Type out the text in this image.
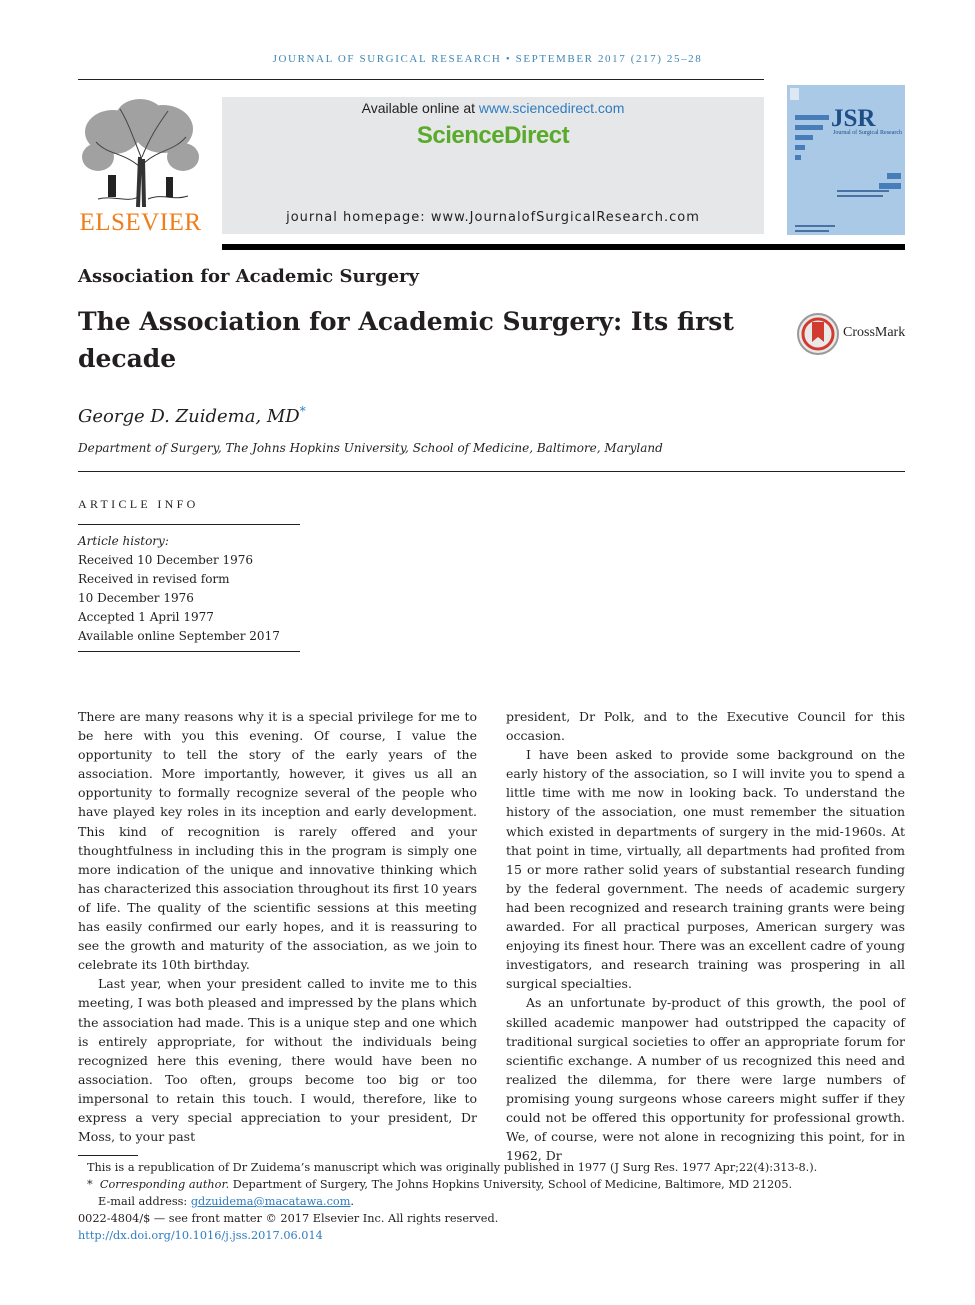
JOURNAL OF SURGICAL RESEARCH • SEPTEMBER 2017 (217) 25–28
ELSEVIER
Available online at www.sciencedirect.com
ScienceDirect
journal homepage: www.JournalofSurgicalResearch.com
JSR
Journal of Surgical Research
Association for Academic Surgery
The Association for Academic Surgery: Its first decade
CrossMark
George D. Zuidema, MD*
Department of Surgery, The Johns Hopkins University, School of Medicine, Baltimore, Maryland
ARTICLE INFO
Article history:
Received 10 December 1976
Received in revised form
10 December 1976
Accepted 1 April 1977
Available online September 2017

There are many reasons why it is a special privilege for me to be here with you this evening. Of course, I value the opportunity to tell the story of the early years of the association. More importantly, however, it gives us all an opportunity to formally recognize several of the people who have played key roles in its inception and early development. This kind of recognition is rarely offered and your thoughtfulness in including this in the program is simply one more indication of the unique and innovative thinking which has characterized this association throughout its first 10 years of life. The quality of the scientific sessions at this meeting has easily confirmed our early hopes, and it is reassuring to see the growth and maturity of the association, as we join to celebrate its 10th birthday.

Last year, when your president called to invite me to this meeting, I was both pleased and impressed by the plans which the association had made. This is a unique step and one which is entirely appropriate, for without the individuals being recognized here this evening, there would have been no association. Too often, groups become too big or too impersonal to retain this touch. I would, therefore, like to express a very special appreciation to your president, Dr Moss, to your past

president, Dr Polk, and to the Executive Council for this occasion.

I have been asked to provide some background on the early history of the association, so I will invite you to spend a little time with me now in looking back. To understand the history of the association, one must remember the situation which existed in departments of surgery in the mid-1960s. At that point in time, virtually, all departments had profited from 15 or more rather solid years of substantial research funding by the federal government. The needs of academic surgery had been recognized and research training grants were being awarded. For all practical purposes, American surgery was enjoying its finest hour. There was an excellent cadre of young investigators, and research training was prospering in all surgical specialties.

As an unfortunate by-product of this growth, the pool of skilled academic manpower had outstripped the capacity of traditional surgical societies to offer an appropriate forum for scientific exchange. A number of us recognized this need and realized the dilemma, for there were large numbers of promising young surgeons whose careers might suffer if they could not be offered this opportunity for professional growth. We, of course, were not alone in recognizing this point, for in 1962, Dr

This is a republication of Dr Zuidema’s manuscript which was originally published in 1977 (J Surg Res. 1977 Apr;22(4):313-8.).
* Corresponding author. Department of Surgery, The Johns Hopkins University, School of Medicine, Baltimore, MD 21205.
E-mail address: gdzuidema@macatawa.com.
0022-4804/$ — see front matter © 2017 Elsevier Inc. All rights reserved.
http://dx.doi.org/10.1016/j.jss.2017.06.014
